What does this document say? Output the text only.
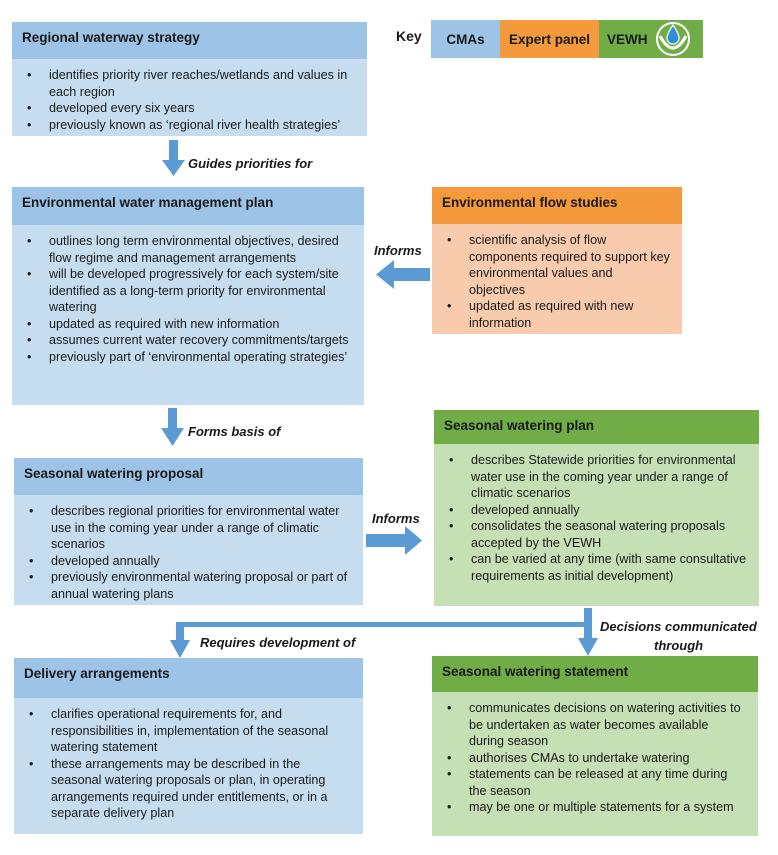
Key CMAs Expert panel VEWH
Regional waterway strategy
• identifies priority river reaches/wetlands and values in each region
• developed every six years
• previously known as ‘regional river health strategies’
Environmental water management plan
• outlines long term environmental objectives, desired flow regime and management arrangements
• will be developed progressively for each system/site identified as a long-term priority for environmental watering
• updated as required with new information
• assumes current water recovery commitments/targets
• previously part of ‘environmental operating strategies’
Environmental flow studies
• scientific analysis of flow components required to support key environmental values and objectives
• updated as required with new information
Seasonal watering proposal
• describes regional priorities for environmental water use in the coming year under a range of climatic scenarios
• developed annually
• previously environmental watering proposal or part of annual watering plans
Seasonal watering plan
• describes Statewide priorities for environmental water use in the coming year under a range of climatic scenarios
• developed annually
• consolidates the seasonal watering proposals accepted by the VEWH
• can be varied at any time (with same consultative requirements as initial development)
Delivery arrangements
• clarifies operational requirements for, and responsibilities in, implementation of the seasonal watering statement
• these arrangements may be described in the seasonal watering proposals or plan, in operating arrangements required under entitlements, or in a separate delivery plan
Seasonal watering statement
• communicates decisions on watering activities to be undertaken as water becomes available during season
• authorises CMAs to undertake watering
• statements can be released at any time during the season
• may be one or multiple statements for a system
Guides priorities for
Informs
Forms basis of
Informs
Requires development of
Decisions communicated
through
